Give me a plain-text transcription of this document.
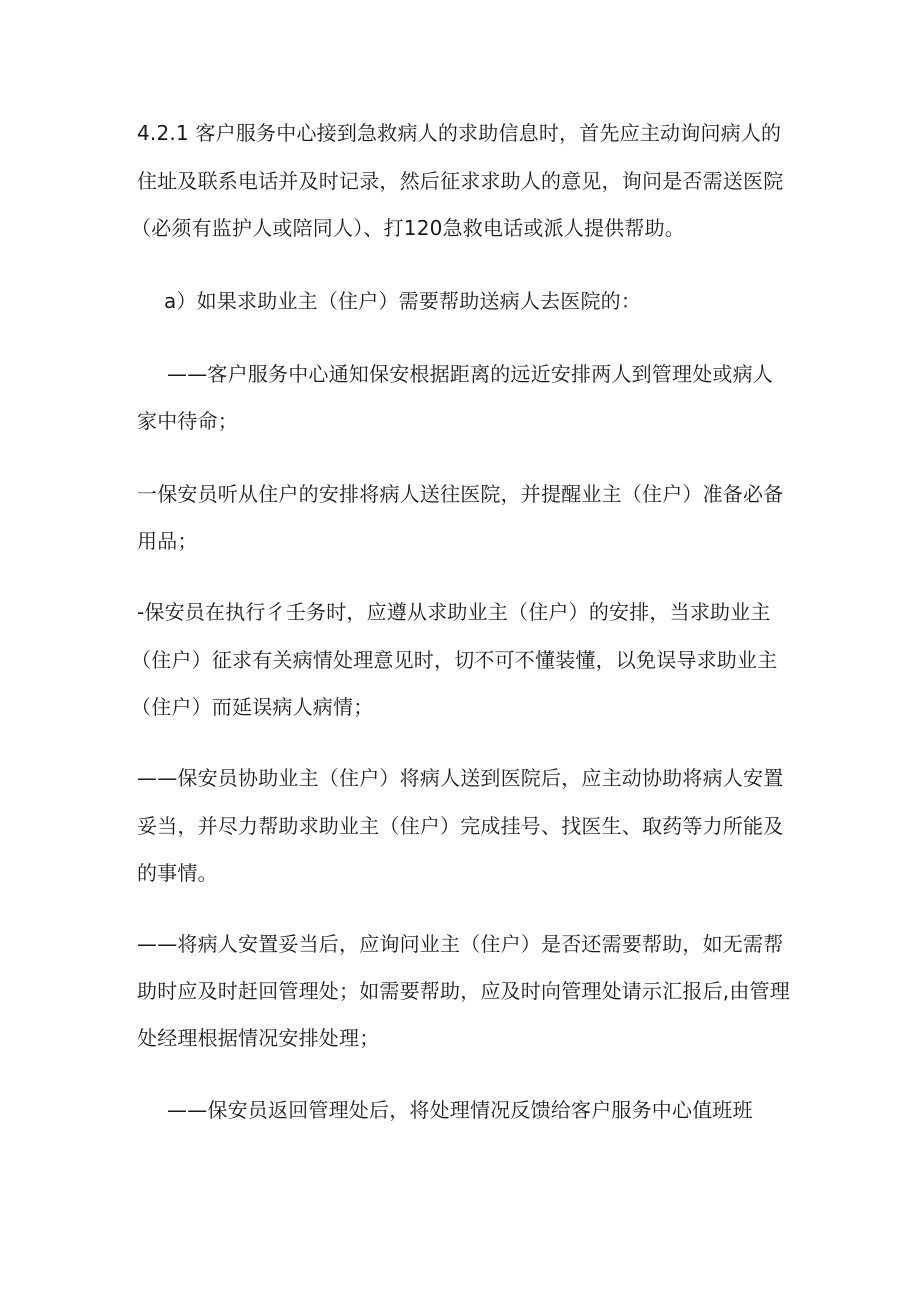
4.2.1 客户服务中心接到急救病人的求助信息时，首先应主动询问病人的
住址及联系电话并及时记录，然后征求求助人的意见，询问是否需送医院
（必须有监护人或陪同人）、打120急救电话或派人提供帮助。
a）如果求助业主（住户）需要帮助送病人去医院的：
——客户服务中心通知保安根据距离的远近安排两人到管理处或病人
家中待命；
一保安员听从住户的安排将病人送往医院，并提醒业主（住户）准备必备
用品；
-保安员在执行彳壬务时，应遵从求助业主（住户）的安排，当求助业主
（住户）征求有关病情处理意见时，切不可不懂装懂，以免误导求助业主
（住户）而延误病人病情；
——保安员协助业主（住户）将病人送到医院后，应主动协助将病人安置
妥当，并尽力帮助求助业主（住户）完成挂号、找医生、取药等力所能及
的事情。
——将病人安置妥当后，应询问业主（住户）是否还需要帮助，如无需帮
助时应及时赶回管理处；如需要帮助，应及时向管理处请示汇报后,由管理
处经理根据情况安排处理；
——保安员返回管理处后，将处理情况反馈给客户服务中心值班班
